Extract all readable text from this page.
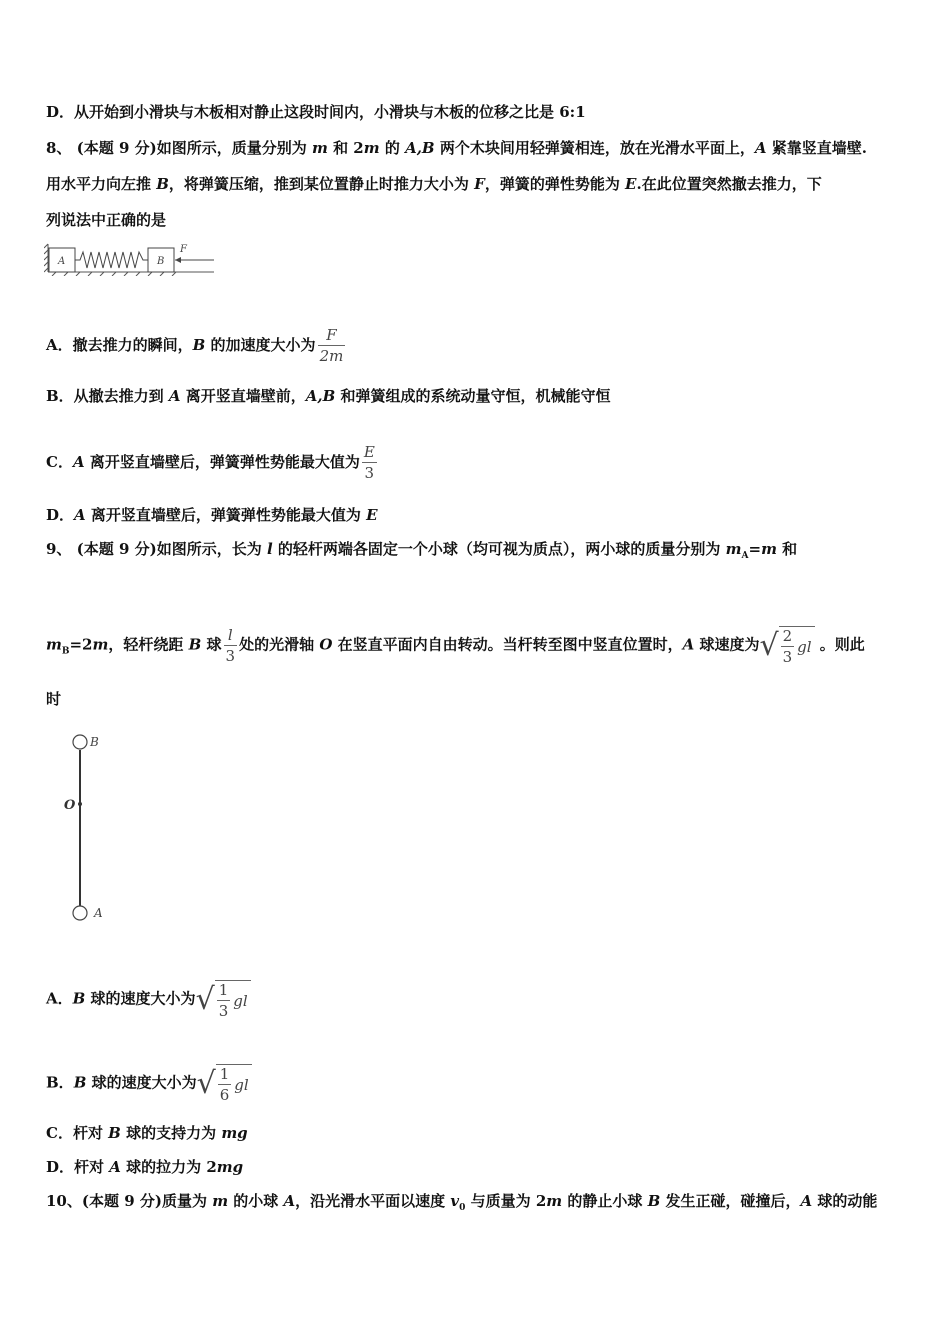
D．从开始到小滑块与木板相对静止这段时间内，小滑块与木板的位移之比是 6:1
8、 (本题 9 分)如图所示，质量分别为 m 和 2m 的 A,B 两个木块间用轻弹簧相连，放在光滑水平面上，A 紧靠竖直墙壁.
用水平力向左推 B，将弹簧压缩，推到某位置静止时推力大小为 F，弹簧的弹性势能为 E.在此位置突然撤去推力，下
列说法中正确的是
A	B
F
A．撤去推力的瞬间，B 的加速度大小为 $\frac{F}{2m}$
B．从撤去推力到 A 离开竖直墙壁前，A,B 和弹簧组成的系统动量守恒，机械能守恒
C．A 离开竖直墙壁后，弹簧弹性势能最大值为 $\frac{E}{3}$
D．A 离开竖直墙壁后，弹簧弹性势能最大值为 E
9、 (本题 9 分)如图所示，长为 l 的轻杆两端各固定一个小球（均可视为质点），两小球的质量分别为 $m_A=m$ 和
$m_B=2m$，轻杆绕距 B 球 $\frac{l}{3}$ 处的光滑轴 O 在竖直平面内自由转动。当杆转至图中竖直位置时，A 球速度为 √ $\frac{2}{3}$ gl 。则此
时
B
O
A
A．B 球的速度大小为 √ $\frac{1}{3}$ gl
B．B 球的速度大小为 √ $\frac{1}{6}$ gl
C．杆对 B 球的支持力为 mg
D．杆对 A 球的拉力为 2mg
10、(本题 9 分)质量为 m 的小球 A，沿光滑水平面以速度 $v_0$ 与质量为 2m 的静止小球 B 发生正碰，碰撞后，A 球的动能
